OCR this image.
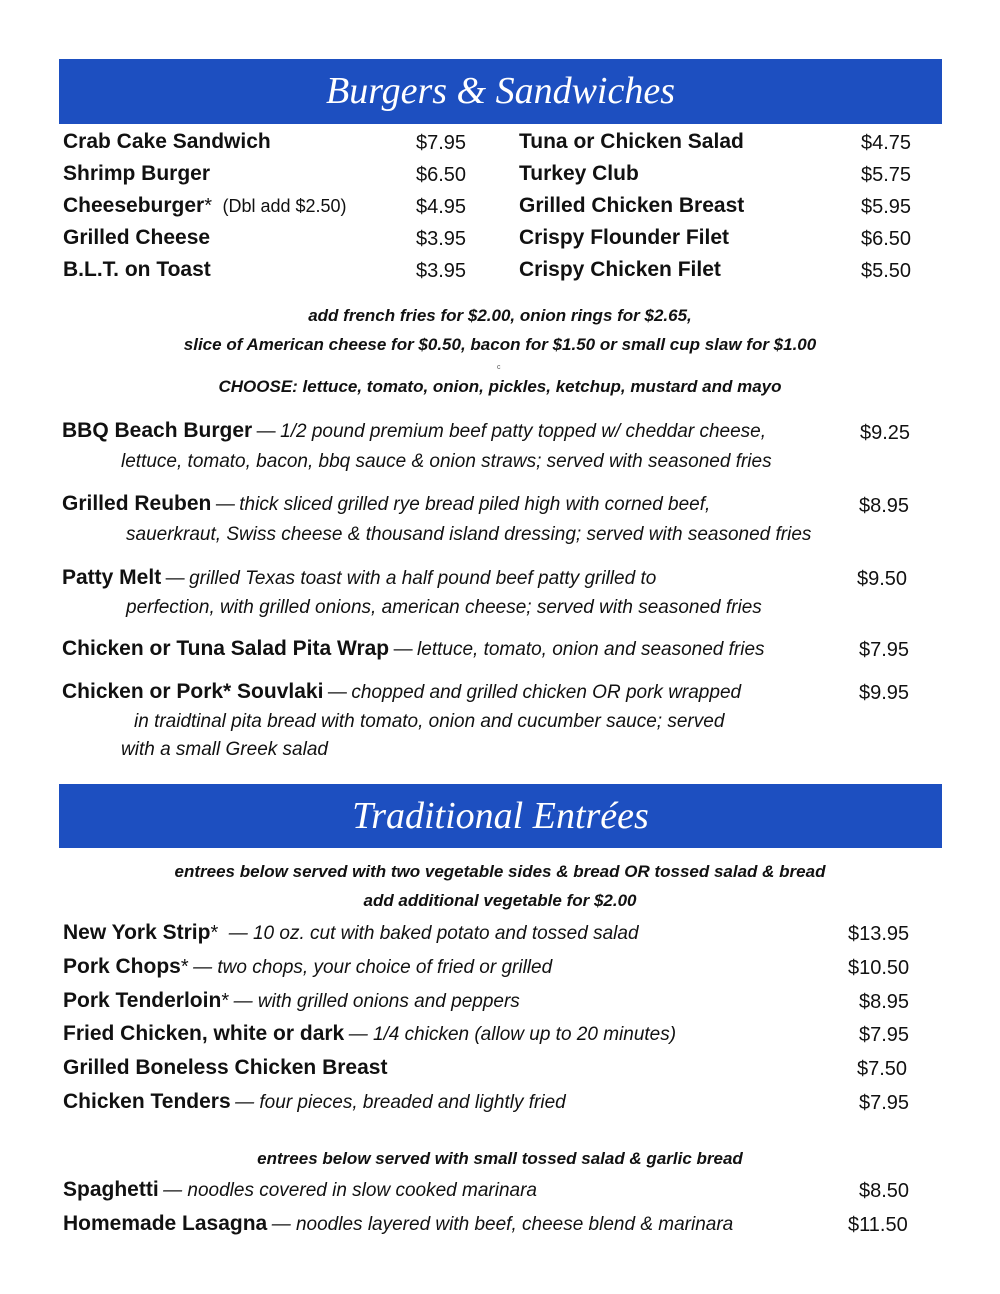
Burgers & Sandwiches
Crab Cake Sandwich	$7.95
Shrimp Burger	$6.50
Cheeseburger* (Dbl add $2.50)	$4.95
Grilled Cheese	$3.95
B.L.T. on Toast	$3.95
Tuna or Chicken Salad	$4.75
Turkey Club	$5.75
Grilled Chicken Breast	$5.95
Crispy Flounder Filet	$6.50
Crispy Chicken Filet	$5.50
add french fries for $2.00, onion rings for $2.65,
slice of American cheese for $0.50, bacon for $1.50 or small cup slaw for $1.00
c
CHOOSE: lettuce, tomato, onion, pickles, ketchup, mustard and mayo
BBQ Beach Burger — 1/2 pound premium beef patty topped w/ cheddar cheese,
lettuce, tomato, bacon, bbq sauce & onion straws; served with seasoned fries
$9.25
Grilled Reuben — thick sliced grilled rye bread piled high with corned beef,
sauerkraut, Swiss cheese & thousand island dressing; served with seasoned fries
$8.95
Patty Melt — grilled Texas toast with a half pound beef patty grilled to
perfection, with grilled onions, american cheese; served with seasoned fries
$9.50
Chicken or Tuna Salad Pita Wrap — lettuce, tomato, onion and seasoned fries	$7.95
Chicken or Pork* Souvlaki — chopped and grilled chicken OR pork wrapped
in traidtinal pita bread with tomato, onion and cucumber sauce; served
with a small Greek salad
$9.95
Traditional Entrées
entrees below served with two vegetable sides & bread OR tossed salad & bread
add additional vegetable for $2.00
New York Strip* — 10 oz. cut with baked potato and tossed salad	$13.95
Pork Chops* — two chops, your choice of fried or grilled	$10.50
Pork Tenderloin* — with grilled onions and peppers	$8.95
Fried Chicken, white or dark — 1/4 chicken (allow up to 20 minutes)	$7.95
Grilled Boneless Chicken Breast	$7.50
Chicken Tenders — four pieces, breaded and lightly fried	$7.95
entrees below served with small tossed salad & garlic bread
Spaghetti — noodles covered in slow cooked marinara	$8.50
Homemade Lasagna — noodles layered with beef, cheese blend & marinara	$11.50
